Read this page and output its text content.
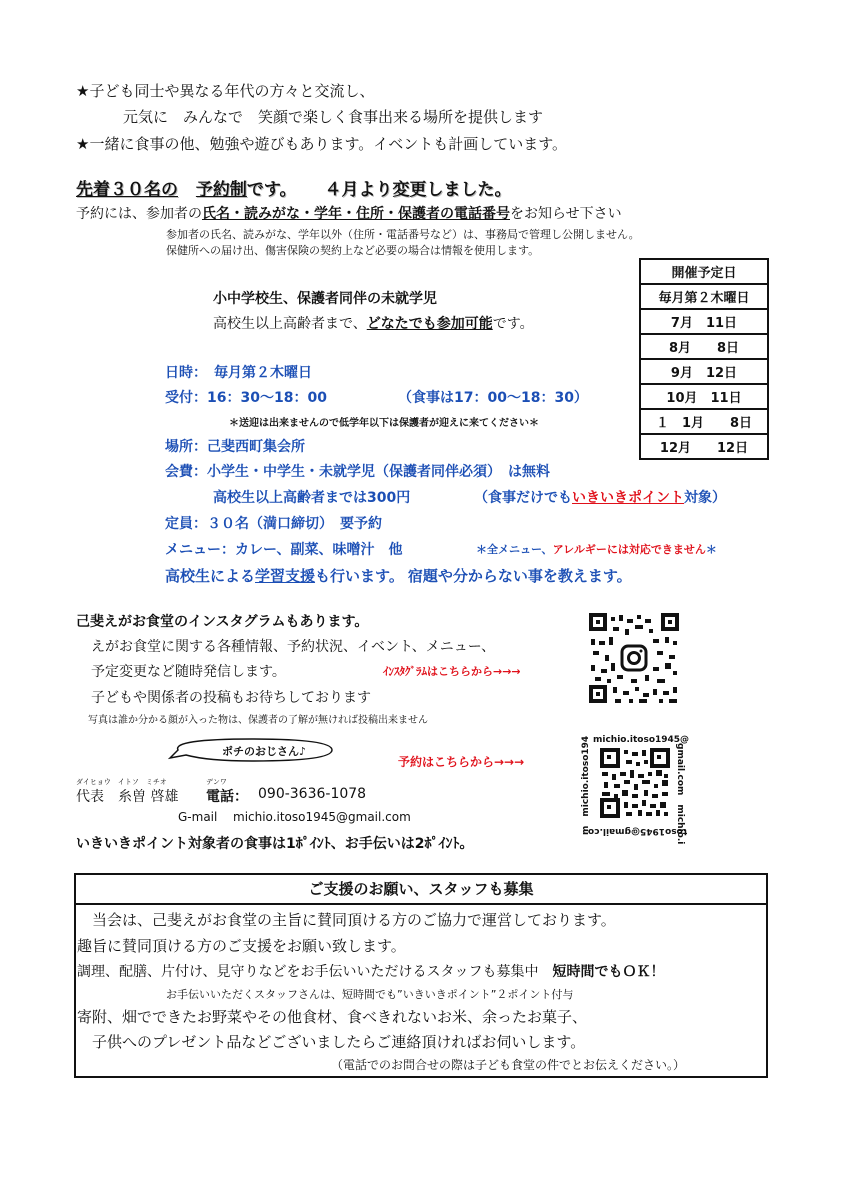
★子ども同士や異なる年代の方々と交流し、
元気に　みんなで　笑顔で楽しく食事出来る場所を提供します
★一緒に食事の他、勉強や遊びもあります。イベントも計画しています。
先着３０名の 予約制です。 ４月より変更しました。
予約には、参加者の氏名・読みがな・学年・住所・保護者の電話番号をお知らせ下さい
参加者の氏名、読みがな、学年以外（住所・電話番号など）は、事務局で管理し公開しません。
保健所への届け出、傷害保険の契約上など必要の場合は情報を使用します。
小中学校生、保護者同伴の未就学児
高校生以上高齢者まで、どなたでも参加可能です。
開催予定日
毎月第２木曜日
7月　11日
8月　　8日
9月　12日
10月　11日
１　1月　　8日
12月　　12日
日時：　毎月第２木曜日
受付：16：30〜18：00	（食事は17：00〜18：30）
＊送迎は出来ませんので低学年以下は保護者が迎えに来てください＊
場所：己斐西町集会所
会費：小学生・中学生・未就学児（保護者同伴必須）　は無料
高校生以上高齢者までは300円	（食事だけでもいきいきポイント対象）
定員：３０名（満口締切）　要予約
メニュー：カレー、副菜、味噌汁　他	＊全メニュー、アレルギーには対応できません＊
高校生による学習支援も行います。 宿題や分からない事を教えます。
己斐えがお食堂のインスタグラムもあります。
えがお食堂に関する各種情報、予約状況、イベント、メニュー、
予定変更など随時発信します。
子どもや関係者の投稿もお待ちしております
写真は誰か分かる顔が入った物は、保護者の了解が無ければ投稿出来ません
ｲﾝｽﾀｸﾞﾗﾑはこちらから→→→
ポチのおじさん♪
予約はこちらから→→→
ダイヒョウ　イトソ　ミチオ	デンワ
代表　糸曽 啓雄 電話： 090-3636-1078
G-mail michio.itoso1945@gmail.com
いきいきポイント対象者の食事は1ﾎﾟｲﾝﾄ、お手伝いは2ﾎﾟｲﾝﾄ。
michio.itoso1945@
gmail.com　michio.i
toso1945@gmail.co
m　michio.itoso194
ご支援のお願い、スタッフも募集
当会は、己斐えがお食堂の主旨に賛同頂ける方のご協力で運営しております。
趣旨に賛同頂ける方のご支援をお願い致します。
調理、配膳、片付け、見守りなどをお手伝いいただけるスタッフも募集中 短時間でもＯＫ！
お手伝いいただくスタッフさんは、短時間でも”いきいきポイント”２ポイント付与
寄附、畑でできたお野菜やその他食材、食べきれないお米、余ったお菓子、
子供へのプレゼント品などございましたらご連絡頂ければお伺いします。
（電話でのお問合せの際は子ども食堂の件でとお伝えください。）
